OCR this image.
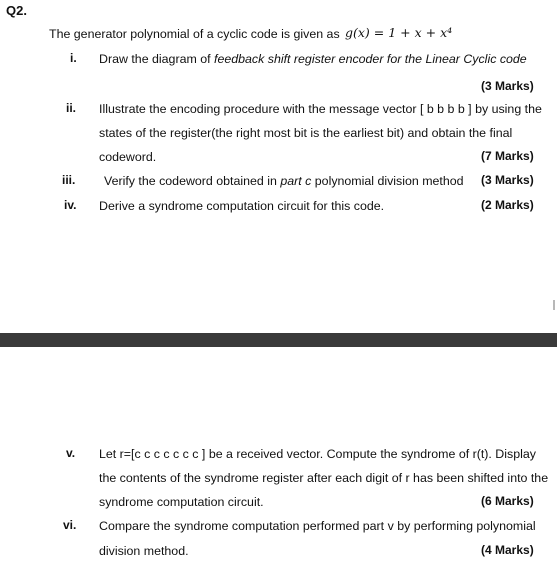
Q2.
The generator polynomial of a cyclic code is given as g(x) = 1 + x + x⁴
i. Draw the diagram of feedback shift register encoder for the Linear Cyclic code
(3 Marks)
ii. Illustrate the encoding procedure with the message vector [ b b b b ] by using the
states of the register(the right most bit is the earliest bit) and obtain the final
codeword.	(7 Marks)
iii. Verify the codeword obtained in part c polynomial division method (3 Marks)
iv. Derive a syndrome computation circuit for this code.	(2 Marks)
v. Let r=[c c c c c c c ] be a received vector. Compute the syndrome of r(t). Display
the contents of the syndrome register after each digit of r has been shifted into the
syndrome computation circuit.	(6 Marks)
vi. Compare the syndrome computation performed part v by performing polynomial
division method.	(4 Marks)
